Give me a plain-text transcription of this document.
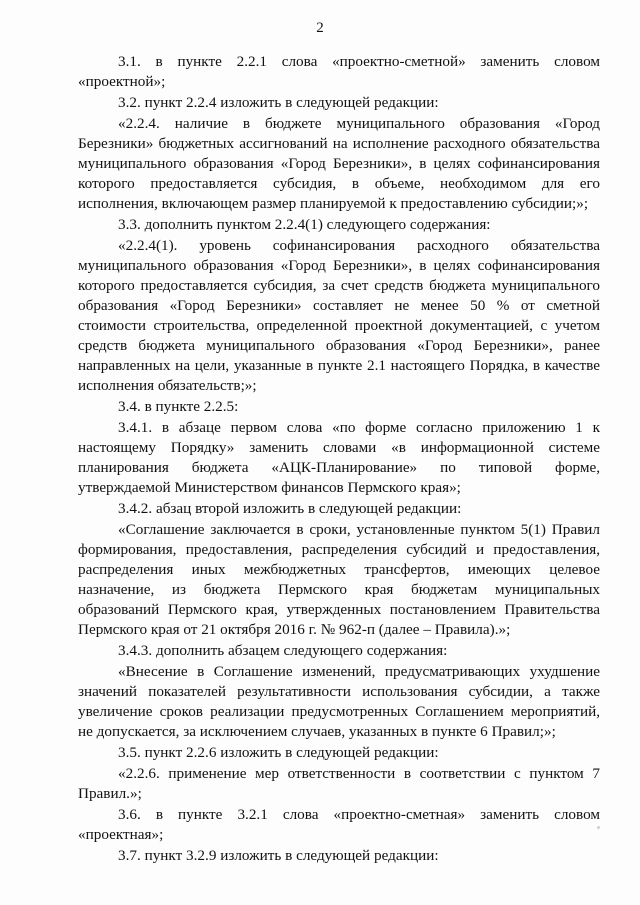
2

3.1. в пункте 2.2.1 слова «проектно-сметной» заменить словом «проектной»;

3.2. пункт 2.2.4 изложить в следующей редакции:

«2.2.4. наличие в бюджете муниципального образования «Город Березники» бюджетных ассигнований на исполнение расходного обязательства муниципального образования «Город Березники», в целях софинансирования которого предоставляется субсидия, в объеме, необходимом для его исполнения, включающем размер планируемой к предоставлению субсидии;»;

3.3. дополнить пунктом 2.2.4(1) следующего содержания:

«2.2.4(1). уровень софинансирования расходного обязательства муниципального образования «Город Березники», в целях софинансирования которого предоставляется субсидия, за счет средств бюджета муниципального образования «Город Березники» составляет не менее 50 % от сметной стоимости строительства, определенной проектной документацией, с учетом средств бюджета муниципального образования «Город Березники», ранее направленных на цели, указанные в пункте 2.1 настоящего Порядка, в качестве исполнения обязательств;»;

3.4. в пункте 2.2.5:

3.4.1. в абзаце первом слова «по форме согласно приложению 1 к настоящему Порядку» заменить словами «в информационной системе планирования бюджета «АЦК-Планирование» по типовой форме, утверждаемой Министерством финансов Пермского края»;

3.4.2. абзац второй изложить в следующей редакции:

«Соглашение заключается в сроки, установленные пунктом 5(1) Правил формирования, предоставления, распределения субсидий и предоставления, распределения иных межбюджетных трансфертов, имеющих целевое назначение, из бюджета Пермского края бюджетам муниципальных образований Пермского края, утвержденных постановлением Правительства Пермского края от 21 октября 2016 г. № 962-п (далее – Правила).»;

3.4.3. дополнить абзацем следующего содержания:

«Внесение в Соглашение изменений, предусматривающих ухудшение значений показателей результативности использования субсидии, а также увеличение сроков реализации предусмотренных Соглашением мероприятий, не допускается, за исключением случаев, указанных в пункте 6 Правил;»;

3.5. пункт 2.2.6 изложить в следующей редакции:

«2.2.6. применение мер ответственности в соответствии с пунктом 7 Правил.»;

3.6. в пункте 3.2.1 слова «проектно-сметная» заменить словом «проектная»;

3.7. пункт 3.2.9 изложить в следующей редакции:
